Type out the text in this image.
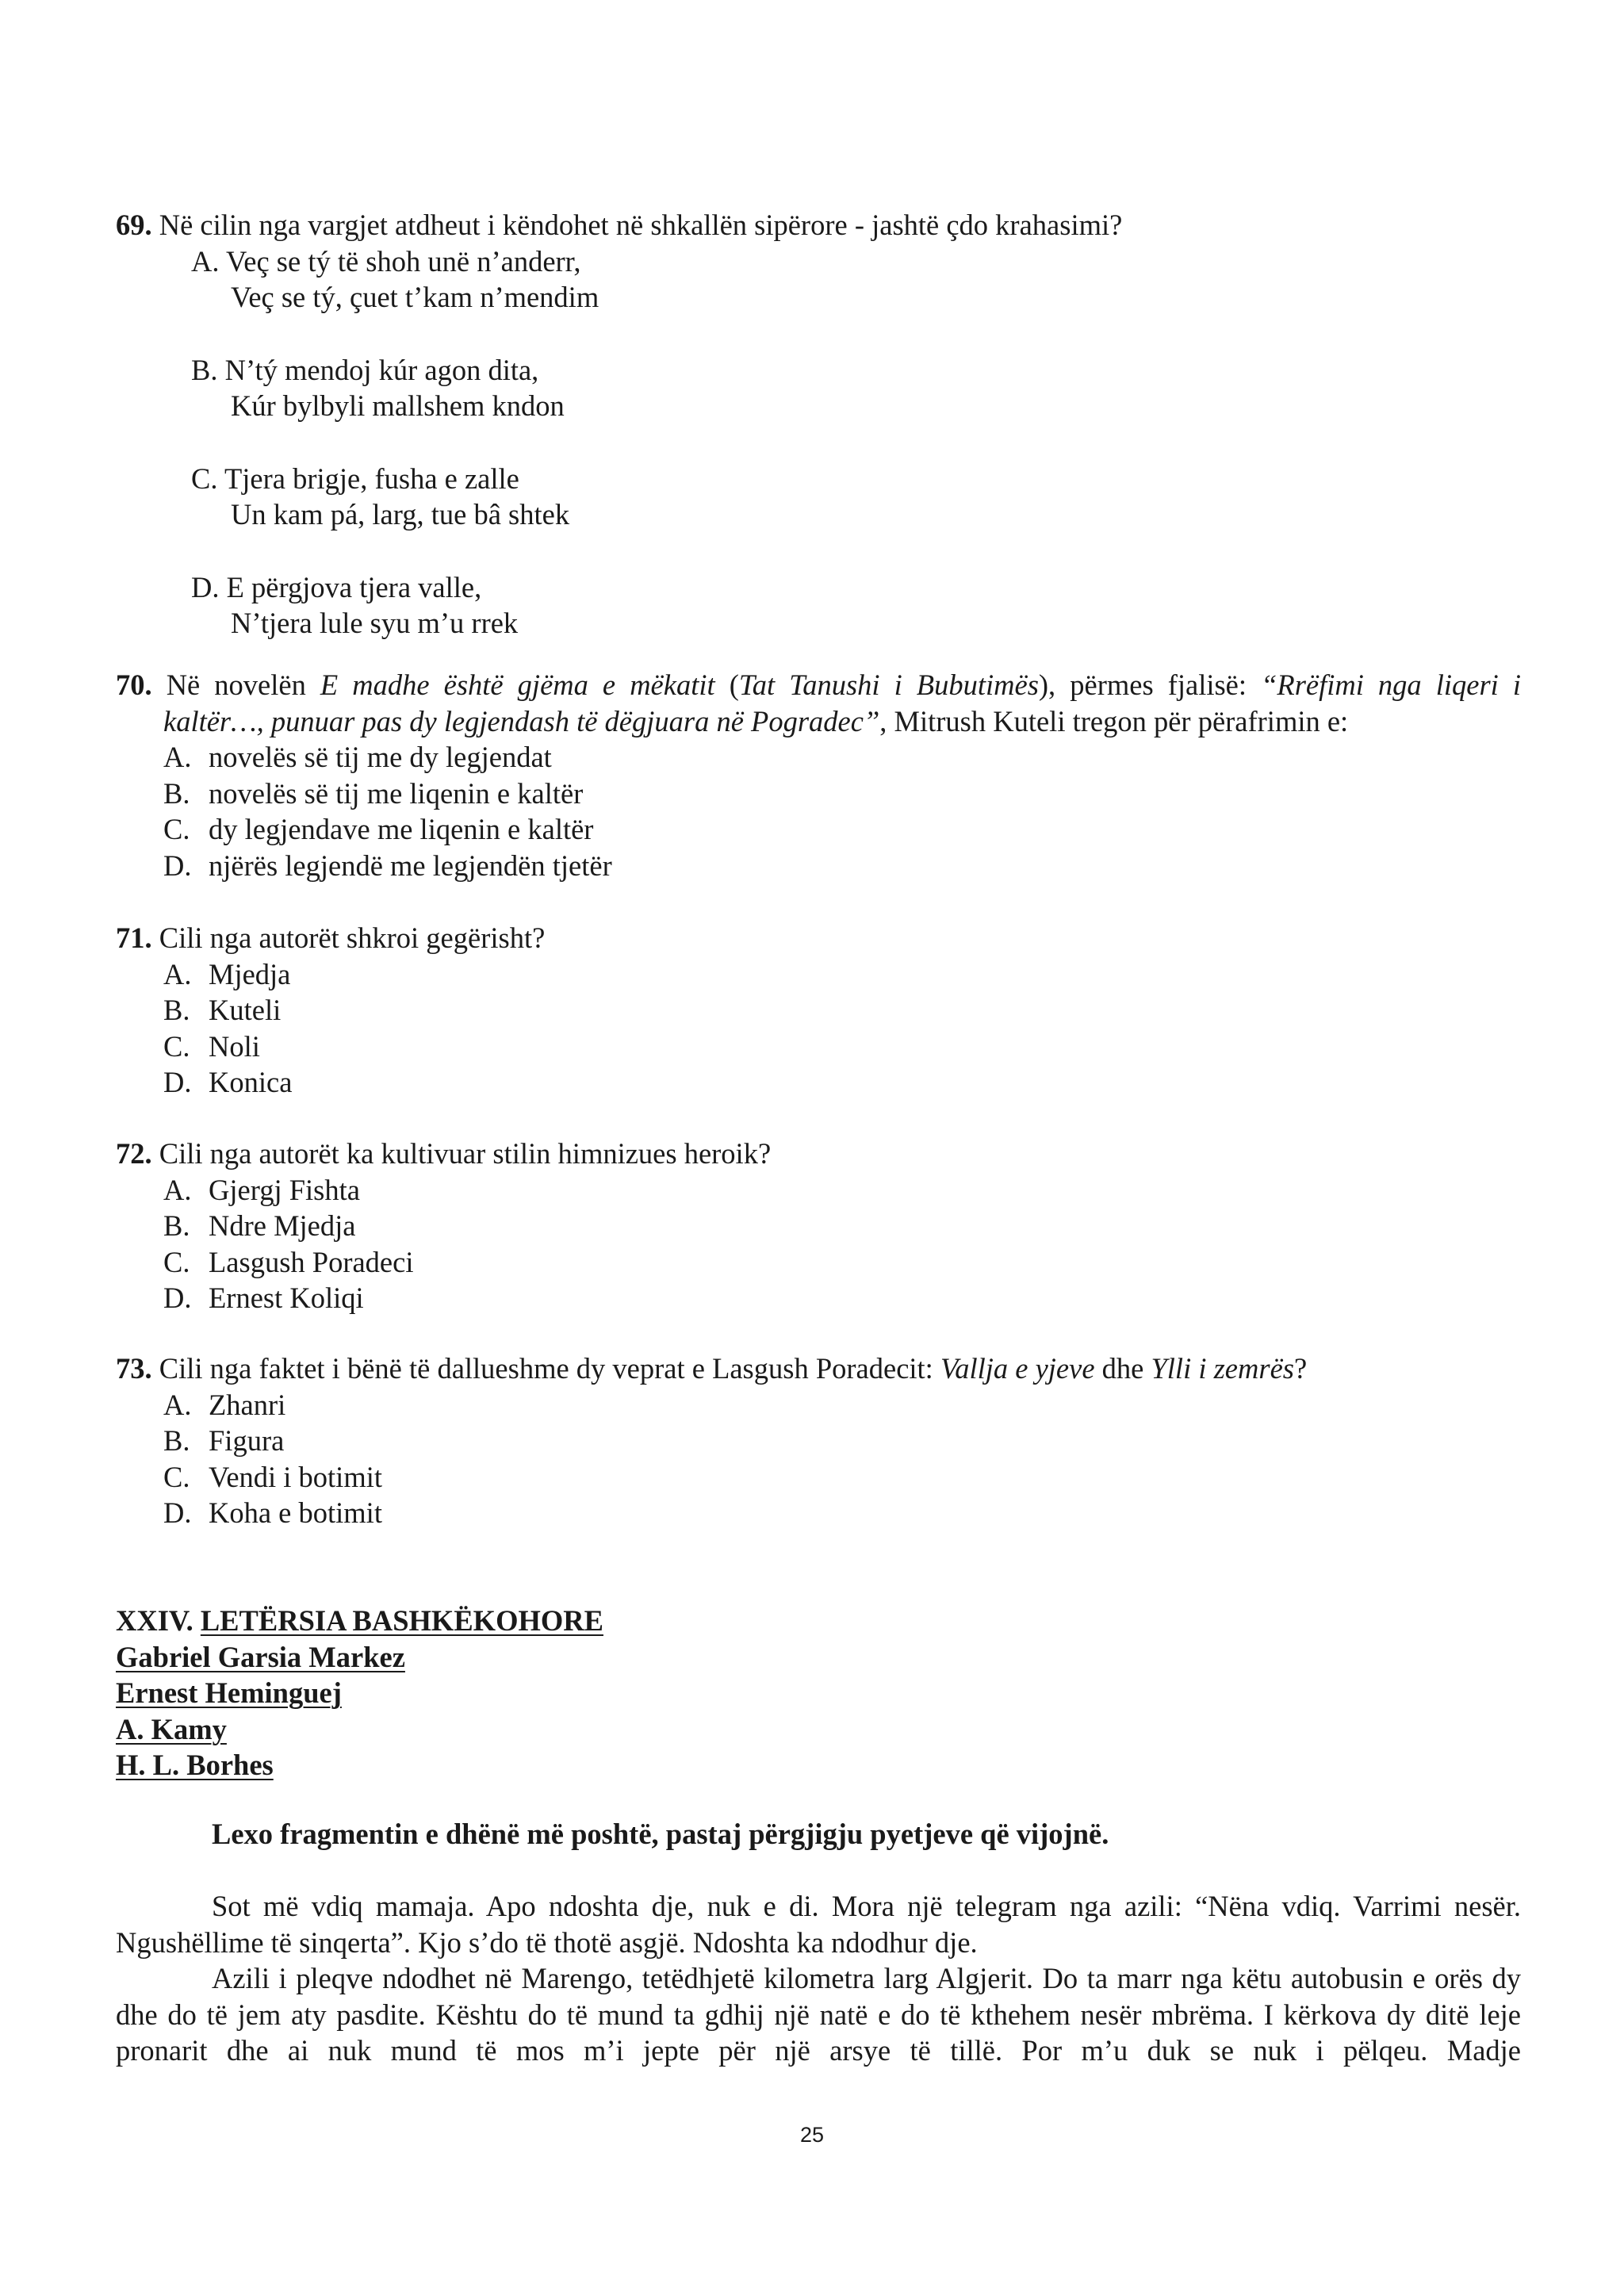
69. Në cilin nga vargjet atdheut i këndohet në shkallën sipërore - jashtë çdo krahasimi?
A. Veç se tý të shoh unë n’anderr,
Veç se tý, çuet t’kam n’mendim
B. N’tý mendoj kúr agon dita,
Kúr bylbyli mallshem kndon
C. Tjera brigje, fusha e zalle
Un kam pá, larg, tue bâ shtek
D. E përgjova tjera valle,
N’tjera lule syu m’u rrek
70. Në novelën E madhe është gjëma e mëkatit (Tat Tanushi i Bubutimës), përmes fjalisë: “Rrëfimi nga liqeri i
kaltër…, punuar pas dy legjendash të dëgjuara në Pogradec”, Mitrush Kuteli tregon për përafrimin e:
A. novelës së tij me dy legjendat
B. novelës së tij me liqenin e kaltër
C. dy legjendave me liqenin e kaltër
D. njërës legjendë me legjendën tjetër
71. Cili nga autorët shkroi gegërisht?
A. Mjedja
B. Kuteli
C. Noli
D. Konica
72. Cili nga autorët ka kultivuar stilin himnizues heroik?
A. Gjergj Fishta
B. Ndre Mjedja
C. Lasgush Poradeci
D. Ernest Koliqi
73. Cili nga faktet i bënë të dallueshme dy veprat e Lasgush Poradecit: Vallja e yjeve dhe Ylli i zemrës?
A. Zhanri
B. Figura
C. Vendi i botimit
D. Koha e botimit
XXIV. LETËRSIA BASHKËKOHORE
Gabriel Garsia Markez
Ernest Heminguej
A. Kamy
H. L. Borhes
Lexo fragmentin e dhënë më poshtë, pastaj përgjigju pyetjeve që vijojnë.

Sot më vdiq mamaja. Apo ndoshta dje, nuk e di. Mora një telegram nga azili: “Nëna vdiq. Varrimi nesër. Ngushëllime të sinqerta”. Kjo s’do të thotë asgjë. Ndoshta ka ndodhur dje.

Azili i pleqve ndodhet në Marengo, tetëdhjetë kilometra larg Algjerit. Do ta marr nga këtu autobusin e orës dy dhe do të jem aty pasdite. Kështu do të mund ta gdhij një natë e do të kthehem nesër mbrëma. I kërkova dy ditë leje pronarit dhe ai nuk mund të mos m’i jepte për një arsye të tillë. Por m’u duk se nuk i pëlqeu. Madje

25
